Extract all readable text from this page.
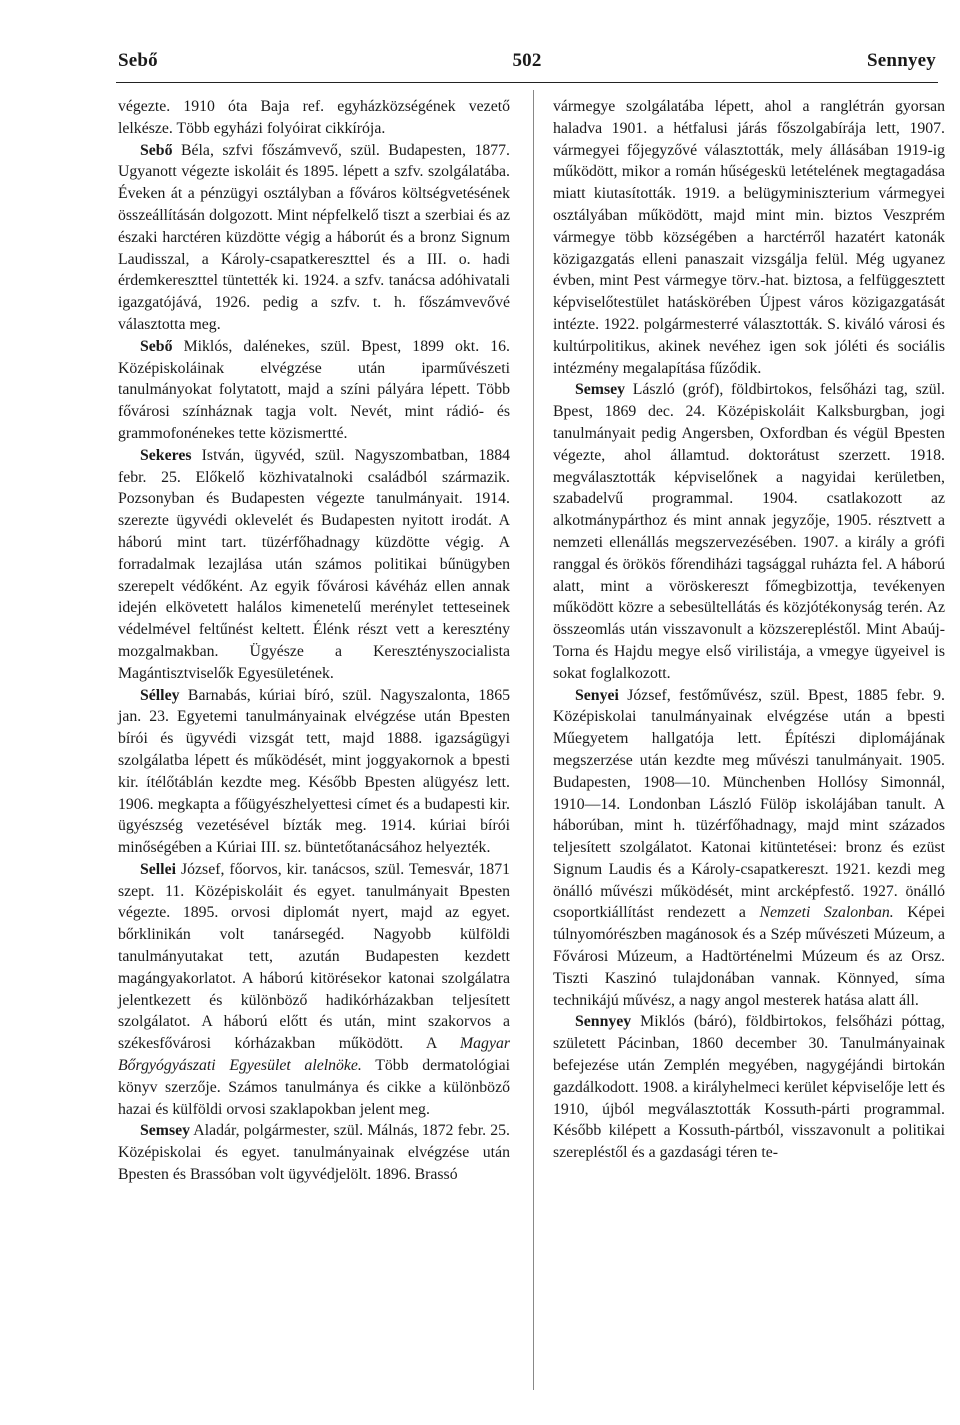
Sebő	502	Sennyey

végezte. 1910 óta Baja ref. egyházközségének vezető lelkésze. Több egyházi folyóirat cikkírója.

Sebő Béla, szfvi főszámvevő, szül. Budapesten, 1877. Ugyanott végezte iskoláit és 1895. lépett a szfv. szolgálatába. Éveken át a pénzügyi osztályban a főváros költségvetésének összeállításán dolgozott. Mint népfelkelő tiszt a szerbiai és az északi harctéren küzdötte végig a háborút és a bronz Signum Laudisszal, a Károly-csapatkereszttel és a III. o. hadi érdemkereszttel tüntették ki. 1924. a szfv. tanácsa adóhivatali igazgatójává, 1926. pedig a szfv. t. h. főszámvevővé választotta meg.

Sebő Miklós, dalénekes, szül. Bpest, 1899 okt. 16. Középiskoláinak elvégzése után iparművészeti tanulmányokat folytatott, majd a színi pályára lépett. Több fővárosi színháznak tagja volt. Nevét, mint rádió- és grammofonénekes tette közismertté.

Sekeres István, ügyvéd, szül. Nagyszombatban, 1884 febr. 25. Előkelő közhivatalnoki családból származik. Pozsonyban és Budapesten végezte tanulmányait. 1914. szerezte ügyvédi oklevelét és Budapesten nyitott irodát. A háború mint tart. tüzérfőhadnagy küzdötte végig. A forradalmak lezajlása után számos politikai bűnügyben szerepelt védőként. Az egyik fővárosi kávéház ellen annak idején elkövetett halálos kimenetelű merénylet tetteseinek védelmével feltűnést keltett. Élénk részt vett a keresztény mozgalmakban. Ügyésze a Keresztényszocialista Magántisztviselők Egyesületének.

Sélley Barnabás, kúriai bíró, szül. Nagyszalonta, 1865 jan. 23. Egyetemi tanulmányainak elvégzése után Bpesten bírói és ügyvédi vizsgát tett, majd 1888. igazságügyi szolgálatba lépett és működését, mint joggyakornok a bpesti kir. ítélőtáblán kezdte meg. Később Bpesten alügyész lett. 1906. megkapta a főügyészhelyettesi címet és a budapesti kir. ügyészség vezetésével bízták meg. 1914. kúriai bírói minőségében a Kúriai III. sz. büntetőtanácsához helyezték.

Sellei József, főorvos, kir. tanácsos, szül. Temesvár, 1871 szept. 11. Középiskoláit és egyet. tanulmányait Bpesten végezte. 1895. orvosi diplomát nyert, majd az egyet. bőrklinikán volt tanársegéd. Nagyobb külföldi tanulmányutakat tett, azután Budapesten kezdett magángyakorlatot. A háború kitörésekor katonai szolgálatra jelentkezett és különböző hadikórházakban teljesített szolgálatot. A háború előtt és után, mint szakorvos a székesfővárosi kórházakban működött. A Magyar Bőrgyógyászati Egyesület alelnöke. Több dermatológiai könyv szerzője. Számos tanulmánya és cikke a különböző hazai és külföldi orvosi szaklapokban jelent meg.

Semsey Aladár, polgármester, szül. Málnás, 1872 febr. 25. Középiskolai és egyet. tanulmányainak elvégzése után Bpesten és Brassóban volt ügyvédjelölt. 1896. Brassó

vármegye szolgálatába lépett, ahol a ranglétrán gyorsan haladva 1901. a hétfalusi járás főszolgabírája lett, 1907. vármegyei főjegyzővé választották, mely állásában 1919-ig működött, mikor a román hűségeskü letételének megtagadása miatt kiutasították. 1919. a belügyminiszterium vármegyei osztályában működött, majd mint min. biztos Veszprém vármegye több községében a harctérről hazatért katonák közigazgatás elleni panaszait vizsgálja felül. Még ugyanez évben, mint Pest vármegye törv.-hat. biztosa, a felfüggesztett képviselőtestület hatáskörében Újpest város közigazgatását intézte. 1922. polgármesterré választották. S. kiváló városi és kultúrpolitikus, akinek nevéhez igen sok jóléti és sociális intézmény megalapítása fűződik.

Semsey László (gróf), földbirtokos, felsőházi tag, szül. Bpest, 1869 dec. 24. Középiskoláit Kalksburgban, jogi tanulmányait pedig Angersben, Oxfordban és végül Bpesten végezte, ahol államtud. doktorátust szerzett. 1918. megválasztották képviselőnek a nagyidai kerületben, szabadelvű programmal. 1904. csatlakozott az alkotmánypárthoz és mint annak jegyzője, 1905. résztvett a nemzeti ellenállás megszervezésében. 1907. a király a grófi ranggal és örökös főrendiházi tagsággal ruházta fel. A háború alatt, mint a vöröskereszt főmegbizottja, tevékenyen működött közre a sebesültellátás és közjótékonyság terén. Az összeomlás után visszavonult a közszerepléstől. Mint Abaúj-Torna és Hajdu megye első virilistája, a vmegye ügyeivel is sokat foglalkozott.

Senyei József, festőművész, szül. Bpest, 1885 febr. 9. Középiskolai tanulmányainak elvégzése után a bpesti Műegyetem hallgatója lett. Építészi diplomájának megszerzése után kezdte meg művészi tanulmányait. 1905. Budapesten, 1908—10. Münchenben Hollósy Simonnál, 1910—14. Londonban László Fülöp iskolájában tanult. A háborúban, mint h. tüzérfőhadnagy, majd mint százados teljesített szolgálatot. Katonai kitüntetései: bronz és ezüst Signum Laudis és a Károly-csapatkereszt. 1921. kezdi meg önálló művészi működését, mint arcképfestő. 1927. önálló csoportkiállítást rendezett a Nemzeti Szalonban. Képei túlnyomórészben magánosok és a Szép művészeti Múzeum, a Fővárosi Múzeum, a Hadtörténelmi Múzeum és az Orsz. Tiszti Kaszinó tulajdonában vannak. Könnyed, síma technikájú művész, a nagy angol mesterek hatása alatt áll.

Sennyey Miklós (báró), földbirtokos, felsőházi póttag, született Pácinban, 1860 december 30. Tanulmányainak befejezése után Zemplén megyében, nagygéjándi birtokán gazdálkodott. 1908. a királyhelmeci kerület képviselője lett és 1910, újból megválasztották Kossuth-párti programmal. Később kilépett a Kossuth-pártból, visszavonult a politikai szerepléstől és a gazdasági téren te-
